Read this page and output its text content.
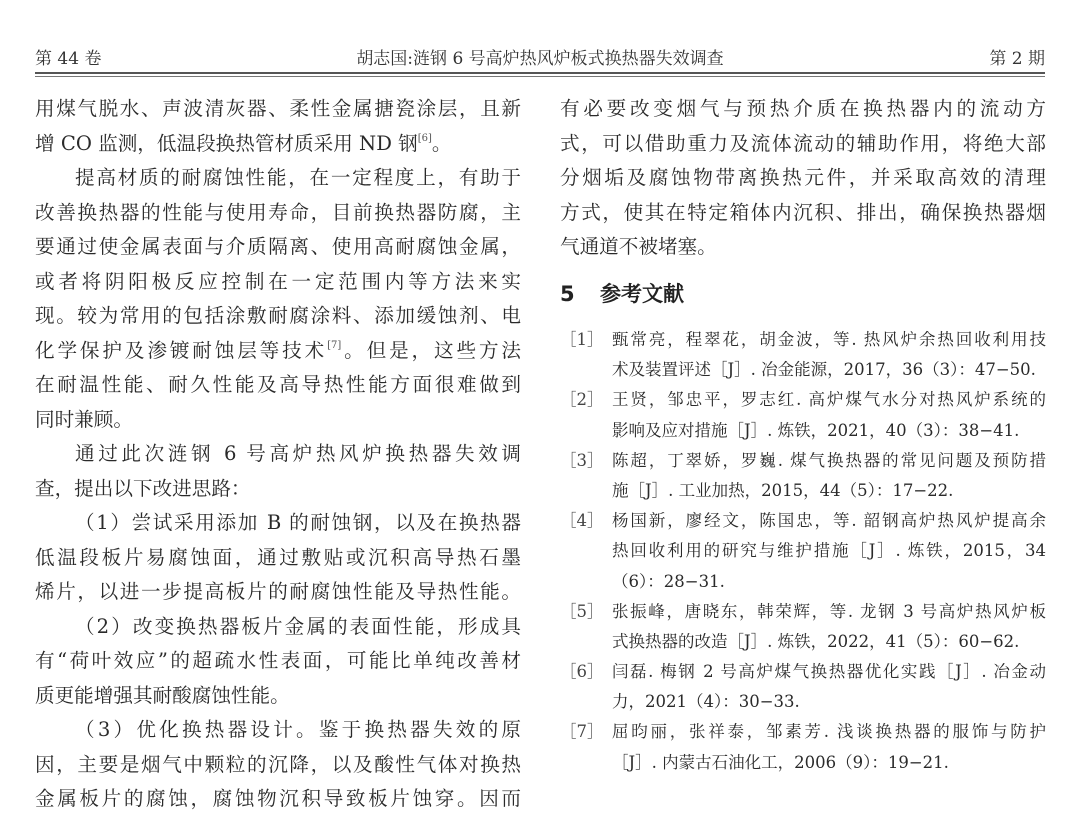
第 44 卷	胡志国:涟钢 6 号高炉热风炉板式换热器失效调查	第 2 期
用煤气脱水、声波清灰器、柔性金属搪瓷涂层，且新
增 CO 监测，低温段换热管材质采用 ND 钢[6]。
提高材质的耐腐蚀性能，在一定程度上，有助于
改善换热器的性能与使用寿命，目前换热器防腐，主
要通过使金属表面与介质隔离、使用高耐腐蚀金属，
或者将阴阳极反应控制在一定范围内等方法来实
现。较为常用的包括涂敷耐腐涂料、添加缓蚀剂、电
化学保护及渗镀耐蚀层等技术[7]。但是，这些方法
在耐温性能、耐久性能及高导热性能方面很难做到
同时兼顾。
通过此次涟钢 6 号高炉热风炉换热器失效调
查，提出以下改进思路：
（1）尝试采用添加 B 的耐蚀钢，以及在换热器
低温段板片易腐蚀面，通过敷贴或沉积高导热石墨
烯片，以进一步提高板片的耐腐蚀性能及导热性能。
（2）改变换热器板片金属的表面性能，形成具
有“荷叶效应”的超疏水性表面，可能比单纯改善材
质更能增强其耐酸腐蚀性能。
（3）优化换热器设计。鉴于换热器失效的原
因，主要是烟气中颗粒的沉降，以及酸性气体对换热
金属板片的腐蚀，腐蚀物沉积导致板片蚀穿。因而
有必要改变烟气与预热介质在换热器内的流动方
式，可以借助重力及流体流动的辅助作用，将绝大部
分烟垢及腐蚀物带离换热元件，并采取高效的清理
方式，使其在特定箱体内沉积、排出，确保换热器烟
气通道不被堵塞。
5 参考文献
［1］ 甄常亮，程翠花，胡金波，等. 热风炉余热回收利用技
术及装置评述［J］. 冶金能源，2017，36（3）：47−50.
［2］ 王贤，邹忠平，罗志红. 高炉煤气水分对热风炉系统的
影响及应对措施［J］. 炼铁，2021，40（3）：38−41.
［3］ 陈超，丁翠娇，罗巍. 煤气换热器的常见问题及预防措
施［J］. 工业加热，2015，44（5）：17−22.
［4］ 杨国新，廖经文，陈国忠，等. 韶钢高炉热风炉提高余
热回收利用的研究与维护措施［J］. 炼铁，2015，34
（6）：28−31.
［5］ 张振峰，唐晓东，韩荣辉，等. 龙钢 3 号高炉热风炉板
式换热器的改造［J］. 炼铁，2022，41（5）：60−62.
［6］ 闫磊. 梅钢 2 号高炉煤气换热器优化实践［J］. 冶金动
力，2021（4）：30−33.
［7］ 屈昀丽，张祥泰，邹素芳. 浅谈换热器的服饰与防护
［J］. 内蒙古石油化工，2006（9）：19−21.
